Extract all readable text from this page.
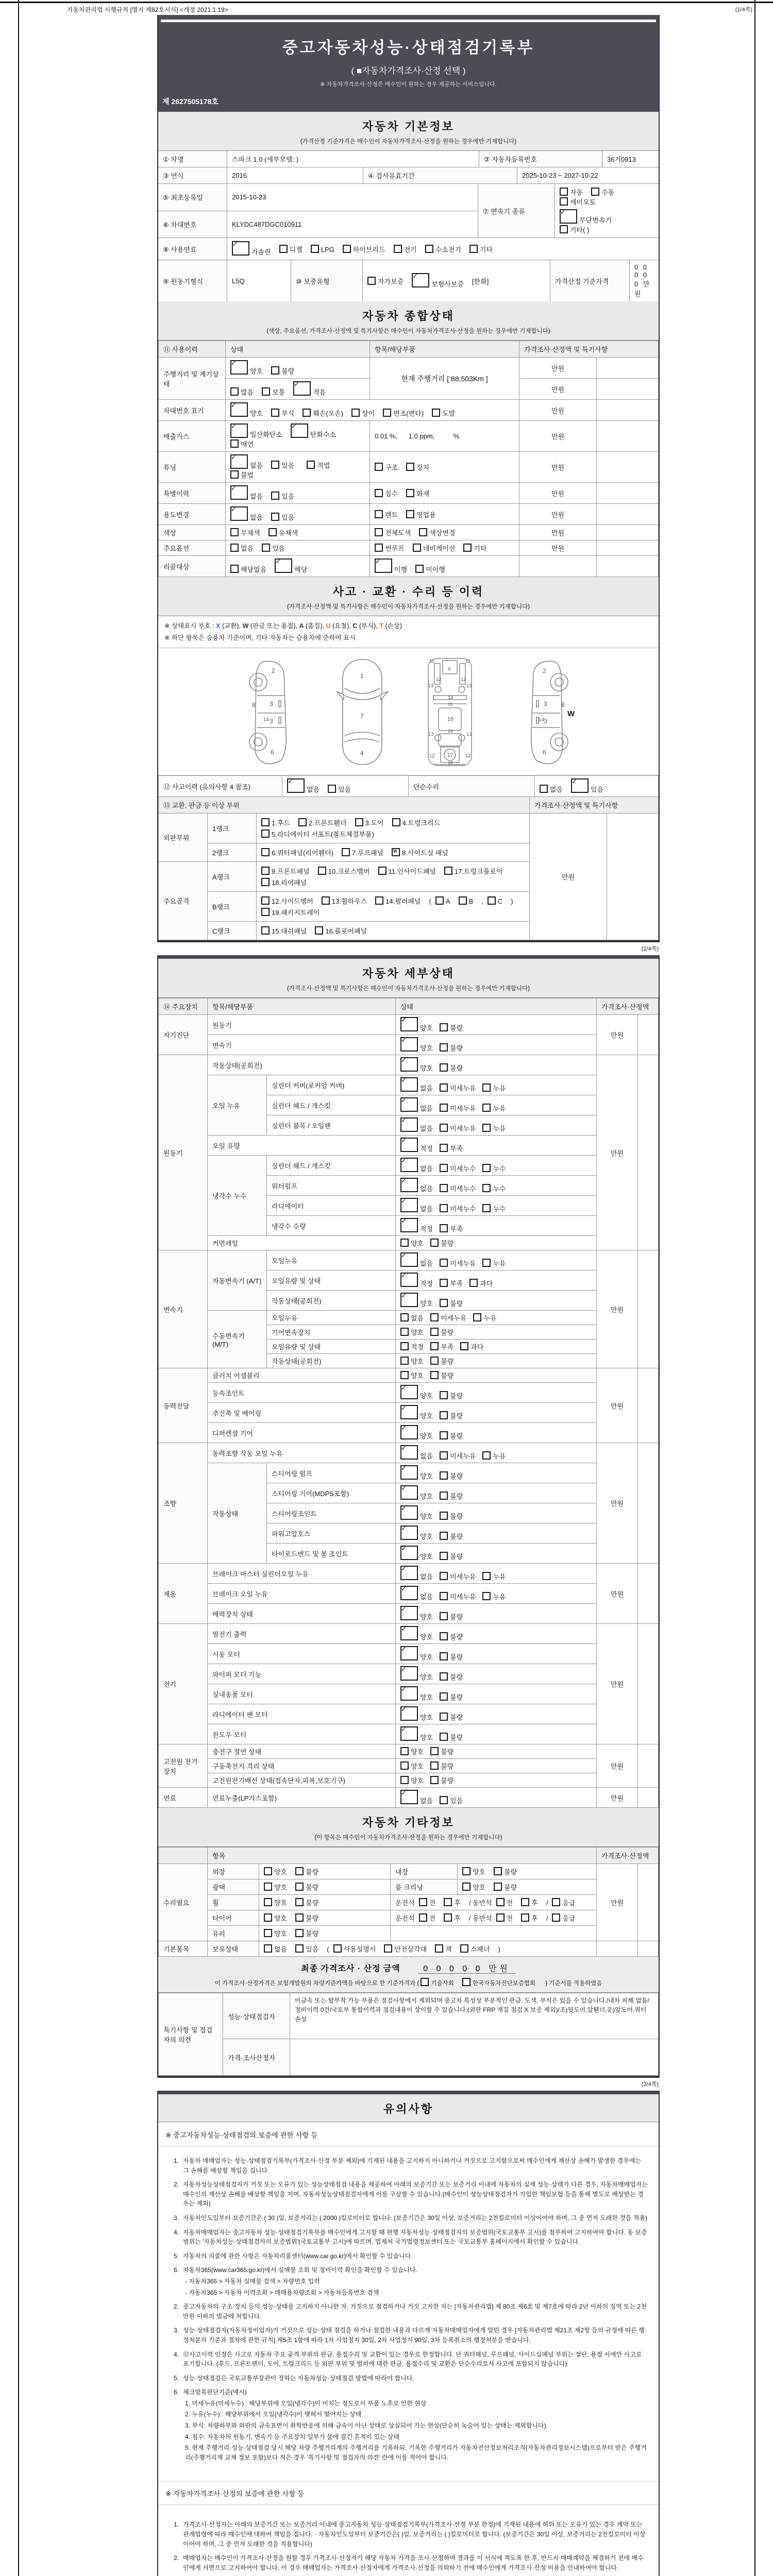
자동차관리법 시행규칙 [별지 제82호서식] <개정 2021.1.19>	(1/4쪽)
중고자동차성능·상태점검기록부
( ■자동차가격조사·산정 선택 )
※ 자동차가격조사·산정은 매수인이 원하는 경우 제공하는 서비스입니다.
제 2627505178호
자동차 기본정보
(가격산정 기준가격은 매수인이 자동차가격조사·산정을 원하는 경우에만 기재합니다)
① 차명	스파크 1.0 (세부모델: )	② 자동차등록번호	36거0913
③ 연식	2016	④ 검사유효기간	2025-10-23 ~ 2027-10-22
⑤ 최초등록일	2015-10-23
⑥ 차대번호	KLYDC487DGC010911
⑦ 변속기 종류
자동	수동세미오토
✓무단변속기기타( )
⑧ 사용연료 ✓	가솔린	디젤	LPG	하이브리드	전기	수소전기	기타
⑨ 원동기형식	L5Q	⑩ 보증유형	자가보증 ✓	보험사보증 [한화]	가격산정 기준가격
0 0 0 0 0 만원
자동차 종합상태
(색상, 주요옵션, 가격조사·산정액 및 특기사항은 매수인이 자동차가격조사·산정을 원하는 경우에만 기재합니다)
⑪ 사용이력	상태	항목/해당부품	가격조사·산정액 및 특기사항	
주행거리 및 계기상태	✓양호 불량	현재 주행거리 [ 88,503Km ]	만원	
	많음 보통 ✓ 적음		만원	
차대번호 표기	✓양호 부식 훼손(오손) 상이 변조(변타) 도말		만원	
배출가스	✓일산화탄소 ✓ 탄화수소매연	0.01 %,      1.0 ppm,          %	만원	
튜닝	✓없음 있음 적법불법	구조 장치	만원	
특별이력	✓없음 있음	침수 화재	만원	
용도변경	✓없음 있음	렌트 영업용	만원	
색상	무채색 유채색	전체도색 색상변경	만원	
주요옵션	없음 있음	썬루프 네비게이션 기타	만원	
리콜대상	해당없음 ✓ 해당	✓이행 미이행		
사고 · 교환 · 수리 등 이력
(가격조사·산정액 및 특기사항은 매수인이 자동차가격조사·산정을 원하는 경우에만 기재합니다)
※ 상태표시 부호 : X (교환), W (판금 또는 용접), A (흠집), U (요철), C (부식), T (손상)
※ 하단 항목은 승용차 기준이며, 기타 자동차는 승용차에 준하여 표시
2
8 3
14 3
6
1
7
4
11	11
9
12	12
13	13
10
15
16
19
13	13
12	12
17
18
2
8
3
14
3
6
W
⑫ 사고이력 (유의사항 4 참조)	✓없음	있음	단순수리	없음 ✓	있음
⑬ 교환, 판금 등 이상 부위			가격조사·산정액 및 특기사항	
외판부위	1랭크	1.후드 2.프론트휀더 3.도어 4.트렁크리드
5.라디에이터 서포트(볼트체결부품)	만원	
	2랭크	6.쿼터패널(리어휀더) 7.루프패널 W 8.사이드실 패널

주요골격	A랭크	9.프론트패널 10.크로스멤버 11.인사이드패널 17.트렁크플로어
18.리어패널		

	B랭크	12.사이드멤버 13.휠하우스 14.필러패널 ( A B , C )
19.패키지트레이		

	C랭크	15.대쉬패널 16.플로어패널		
(2/4쪽)
자동차 세부상태
(가격조사·산정액 및 특기사항은 매수인이 자동차가격조사·산정을 원하는 경우에만 기재합니다)
⑭ 주요장치	항목/해당부품		상태	가격조사·산정액	
자기진단	원동기	✓양호 불량	만원	
	변속기	✓양호 불량
원동기	작동상태(공회전)	✓양호 불량	만원	
	오일 누유	실린더 커버(로커암 커버)	✓없음 미세누유 누유
		실린더 헤드 / 개스킷	✓없음 미세누유 누유
		실린더 블록 / 오일팬	✓없음 미세누유 누유
	오일 유량	✓적정 부족
	냉각수 누수	실린더 헤드 / 개스킷	✓없음 미세누수 누수
		워터펌프	✓없음 미세누수 누수
		라디에이터	✓없음 미세누수 누수
		냉각수 수량	✓적정 부족
	커먼레일		양호 불량		
변속기	자동변속기 (A/T)	오일누유	✓없음 미세누유 누유	만원	
		오일유량 및 상태	✓적정 부족 과다
		작동상태(공회전)	✓양호 불량
	수동변속기 (M/T)	오일누유	없음 미세누유 누유		
		기어변속장치	양호 불량		
		오일유량 및 상태	적정 부족 과다		
		작동상태(공회전)	양호 불량		
동력전달	클러치 어셈블리		양호 불량	만원	
	등속조인트	✓양호 불량
	추진축 및 베어링	✓양호 불량
	디퍼렌셜 기어	✓양호 불량
조향	동력조향 작동 오일 누유	✓없음 미세누유 누유	만원	
	작동상태	스티어링 펌프	✓양호 불량
		스티어링 기어(MDPS포함)	✓양호 불량
		스티어링조인트	✓양호 불량
		파워고압호스	✓양호 불량
		타이로드엔드 및 볼 조인트	✓양호 불량
제동	브레이크 마스터 실린더오일 누유	✓없음 미세누유 누유	만원	
	브레이크 오일 누유	✓없음 미세누유 누유
	배력장치 상태	✓양호 불량
전기	발전기 출력	✓양호 불량	만원	
	시동 모터	✓양호 불량
	와이퍼 모터 기능	✓양호 불량
	실내송풍 모터	✓양호 불량
	라디에이터 팬 모터	✓양호 불량
	윈도우 모터	✓양호 불량
고전원 전기장치	충전구 절연 상태		양호 불량	만원	
	구동축전지 격리 상태		양호 불량		
	고전원전기배선 상태(접속단자,피복,보호기구)		양호 불량		
연료	연료누출(LP가스포함)	✓없음 있음	만원	
자동차 기타정보
(이 항목은 매수인이 자동차가격조사·산정을 원하는 경우에만 기재합니다)
	항목				가격조사·산정액	
수리필요	외장	양호 불량	내장	양호 불량	만원	
	광택	양호 불량	룸 크리닝	양호 불량		
	휠	양호 불량	운전석 전 후 / 동반석 전 후 / 응급			
	타이어	양호 불량	운전석 전 후 / 동반석 전 후 / 응급			
	유리	양호 불량				
기본품목	보유상태	없음 있음 ( 사용설명서 안전삼각대 잭 스패너 )				
최종 가격조사 · 산정 금액	0 0 0 0 0 만원
이 가격조사·산정가격은 보험개발원의 차량기준가액을 바탕으로 한 기준가격과 ( 기술사회	한국자동차진단보증협회 ) 기준서를 적용하였음
특기사항 및 점검자의 의견	성능·상태점검자	비금속 또는 탈부착 가능 부품은 점검사항에서 제외되며 중고차 특성상 부분적인 판금, 도색, 부식은 있을 수 있습니다./내차 피해 없음/정비이력 0건/국토부 통합이력과 점검내용이 상이할 수 있습니다.(외판 FRP 재질 점검 X 보증 제외)/조)뒷도어,앞휀더,운)앞도어,쿼터 손상
	가격·조사산정자	
(3/4쪽)
유의사항
※ 중고자동차성능·상태점검의 보증에 관한 사항 등
1. 자동차 매매업자는 성능·상태점검기록부(가격조사·산정 부분 제외)에 기재된 내용을 고지하지 아니하거나 거짓으로 고지함으로써 매수인에게 재산상 손해가 발생한 경우에는 그 손해를 배상할 책임을 집니다.
2. 자동차성능상태점검자가 거짓 또는 오류가 있는 성능상태점검 내용을 제공하여 아래의 보증기간 또는 보증거리 이내에 자동차의 실제 성능·상태가 다른 경우, 자동차매매업자는 매수인의 재산상 손해를 배상할 책임을 지며, 자동차성능상태점검자에게 이를 구상할 수 있습니다.(매수인이 성능상태점검자가 가입한 책임보험 등을 통해 별도로 배상받는 경우는 제외)
3. 자동차인도일부터 보증기간은 ( 30 )일, 보증거리는 ( 2000 )킬로미터로 합니다. (보증기간은 30일 이상, 보증거리는 2천킬로미터 이상이어야 하며, 그 중 먼저 도래한 것을 적용)
4. 자동차매매업자는 중고자동차 성능·상태점검기록부를 매수인에게 고지할 때 현행 자동차성능·상태점검자의 보증범위(국토교통부 고시)를 첨부하여 고지하여야 합니다. 동 보증범위는 '자동차성능·상태점검자의 보증범위'(국토교통부 고시)에 따르며, 법제처 국가법령정보센터 또는 국토교통부 홈페이지에서 확인할 수 있습니다.
5. 자동차의 리콜에 관한 사항은 자동차리콜센터(www.car.go.kr)에서 확인할 수 있습니다.
6. 자동차365(www.car365.go.kr)에서 실매물 조회 및 정비이력 확인을 확인할 수 있습니다.
- 자동차365 > 자동차 실매물 검색 > 차량번호 입력
- 자동차365 > 자동차 이력조회 > 매매용차량조회 > 자동차등록번호 검색
2. 중고자동차의 구조·장치 등의 성능·상태를 고지하지 아니한 자, 거짓으로 점검하거나 거짓 고지한 자는 [자동차관리법] 제 80조 제6호 및 제7호에 따라 2년 이하의 징역 또는 2천만원 이하의 벌금에 처합니다.
3. 성능·상태점검자(자동차정비업자)가 거짓으로 성능·상태 점검을 하거나 점검한 내용과 다르게 자동차매매업자에게 알린 경우 [자동차관리법 제21조 제2항 등의 규정에 따른 행정처분의 기준과 절차에 관한 규칙] 제5조 1항에 따라 1차 사업정지 30일, 2차 사업정지 90일, 3차 등록취소의 행정처분을 받습니다.
4. ⑫사고이력 인정은 사고로 자동차 주요 골격 부위의 판금, 용접수리 및 교환이 있는 경우로 한정합니다. 단 쿼터패널, 루프패널, 사이드실패널 부위는 절단, 용접 시에만 사고로 표기합니다. (후드, 프론트펜더, 도어, 트렁크리드 등 외판 부위 및 범퍼에 대한 판금, 용접수리 및 교환은 단순수리로서 사고에 포함되지 않습니다)
5. 성능·상태점검은 국토교통부장관이 정하는 자동차성능·상태점검 방법에 따라야 합니다.
6. 체크항목판단기준(예시)
1. 미세누유(미세누수) : 해당부위에 오일(냉각수)이 비치는 정도로서 부품 노후로 인한 현상
2. 누유(누수) : 해당부위에서 오일(냉각수)이 맺혀서 떨어지는 상태
3. 부식: 차량하부와 외판의 금속표면이 화학반응에 의해 금속이 아닌 상태로 상실되어 가는 현상(단순히 녹슬어 있는 상태는 제외합니다)
4. 침수: 자동차의 원동기, 변속기 등 주요장치 일부가 물에 잠긴 흔적이 있는 상태
5. 현재 주행거리·성능·상태점검 당시 해당 차량 주행거리계의 주행거리를 기록하되, 기록한 주행거리가 자동차전산정보처리조직(자동차관리정보시스템)으로부터 받은 주행거리(주행거리계 교체 정보 포함)보다 적은 경우 '특기사항 및 점검자의 의견' 란에 이를 적어야 합니다.
※ 자동차가격조사·산정의 보증에 관한 사항 등
1. 가격조사·산정자는 아래의 보증기간 또는 보증거리 이내에 중고자동차 성능·상태점검기록부(가격조사·산정 부분 한정)에 기재된 내용에 허위 또는 오류가 있는 경우 계약 또는 관계법령에 따라 매수인에 대하여 책임을 집니다. · 자동차인도일부터 보증기간은( )일, 보증거리는 ( )킬로미터로 합니다. (보증기간은 30일 이상, 보증거리는 2천킬로미터 이상이어야 하며, 그 중 먼저 도래한 것을 적용합니다)
2. 매매업자는 매수인이 가격조사·산정을 원할 경우 가격조사·산정자가 해당 자동차 가격을 조사·산정하여 결과를 이 서식에 적도록 한 후, 반드시 매매계약을 체결하기 전에 매수인에게 서면으로 고지하여야 합니다. 이 경우 매매업자는 가격조사·산정자에게 가격조사·산정을 의뢰하기 전에 매수인에게 가격조사·산정 비용을 안내하여야 합니다.
